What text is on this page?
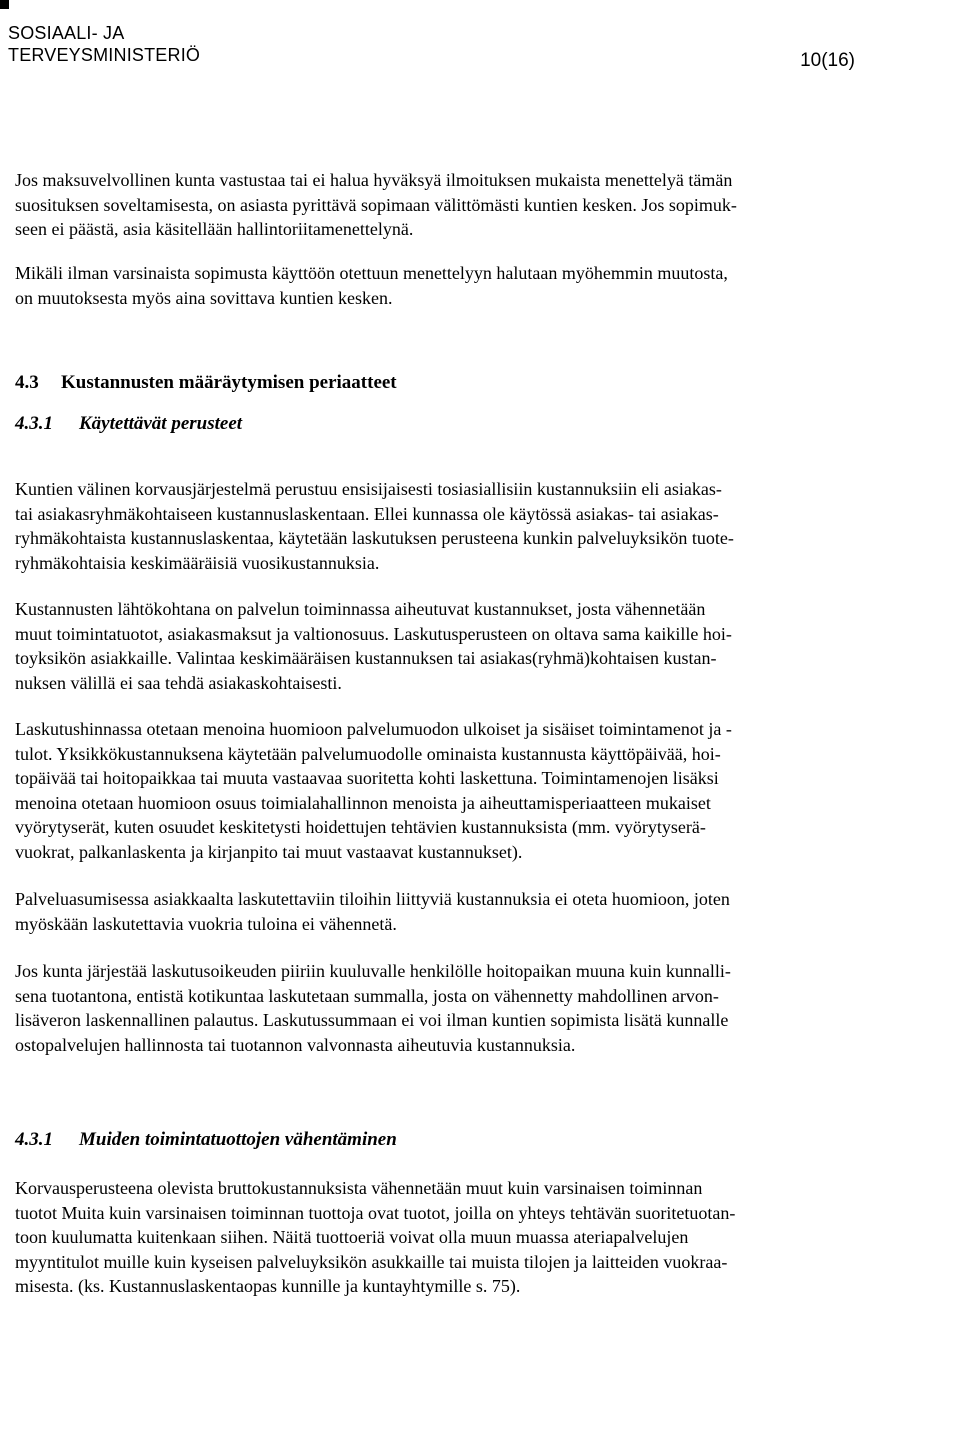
SOSIAALI- JA
TERVEYSMINISTERIÖ	10(16)
Jos maksuvelvollinen kunta vastustaa tai ei halua hyväksyä ilmoituksen mukaista menettelyä tämän
suosituksen soveltamisesta, on asiasta pyrittävä sopimaan välittömästi kuntien kesken. Jos sopimuk-
seen ei päästä, asia käsitellään hallintoriitamenettelynä.
Mikäli ilman varsinaista sopimusta käyttöön otettuun menettelyyn halutaan myöhemmin muutosta,
on muutoksesta myös aina sovittava kuntien kesken.
4.3 Kustannusten määräytymisen periaatteet
4.3.1 Käytettävät perusteet
Kuntien välinen korvausjärjestelmä perustuu ensisijaisesti tosiasiallisiin kustannuksiin eli asiakas-
tai asiakasryhmäkohtaiseen kustannuslaskentaan. Ellei kunnassa ole käytössä asiakas- tai asiakas-
ryhmäkohtaista kustannuslaskentaa, käytetään laskutuksen perusteena kunkin palveluyksikön tuote-
ryhmäkohtaisia keskimääräisiä vuosikustannuksia.
Kustannusten lähtökohtana on palvelun toiminnassa aiheutuvat kustannukset, josta vähennetään
muut toimintatuotot, asiakasmaksut ja valtionosuus. Laskutusperusteen on oltava sama kaikille hoi-
toyksikön asiakkaille. Valintaa keskimääräisen kustannuksen tai asiakas(ryhmä)kohtaisen kustan-
nuksen välillä ei saa tehdä asiakaskohtaisesti.
Laskutushinnassa otetaan menoina huomioon palvelumuodon ulkoiset ja sisäiset toimintamenot ja -
tulot. Yksikkökustannuksena käytetään palvelumuodolle ominaista kustannusta käyttöpäivää, hoi-
topäivää tai hoitopaikkaa tai muuta vastaavaa suoritetta kohti laskettuna. Toimintamenojen lisäksi
menoina otetaan huomioon osuus toimialahallinnon menoista ja aiheuttamisperiaatteen mukaiset
vyörytyserät, kuten osuudet keskitetysti hoidettujen tehtävien kustannuksista (mm. vyörytyserä-
vuokrat, palkanlaskenta ja kirjanpito tai muut vastaavat kustannukset).
Palveluasumisessa asiakkaalta laskutettaviin tiloihin liittyviä kustannuksia ei oteta huomioon, joten
myöskään laskutettavia vuokria tuloina ei vähennetä.
Jos kunta järjestää laskutusoikeuden piiriin kuuluvalle henkilölle hoitopaikan muuna kuin kunnalli-
sena tuotantona, entistä kotikuntaa laskutetaan summalla, josta on vähennetty mahdollinen arvon-
lisäveron laskennallinen palautus. Laskutussummaan ei voi ilman kuntien sopimista lisätä kunnalle
ostopalvelujen hallinnosta tai tuotannon valvonnasta aiheutuvia kustannuksia.
4.3.1 Muiden toimintatuottojen vähentäminen
Korvausperusteena olevista bruttokustannuksista vähennetään muut kuin varsinaisen toiminnan
tuotot Muita kuin varsinaisen toiminnan tuottoja ovat tuotot, joilla on yhteys tehtävän suoritetuotan-
toon kuulumatta kuitenkaan siihen. Näitä tuottoeriä voivat olla muun muassa ateriapalvelujen
myyntitulot muille kuin kyseisen palveluyksikön asukkaille tai muista tilojen ja laitteiden vuokraa-
misesta. (ks. Kustannuslaskentaopas kunnille ja kuntayhtymille s. 75).
